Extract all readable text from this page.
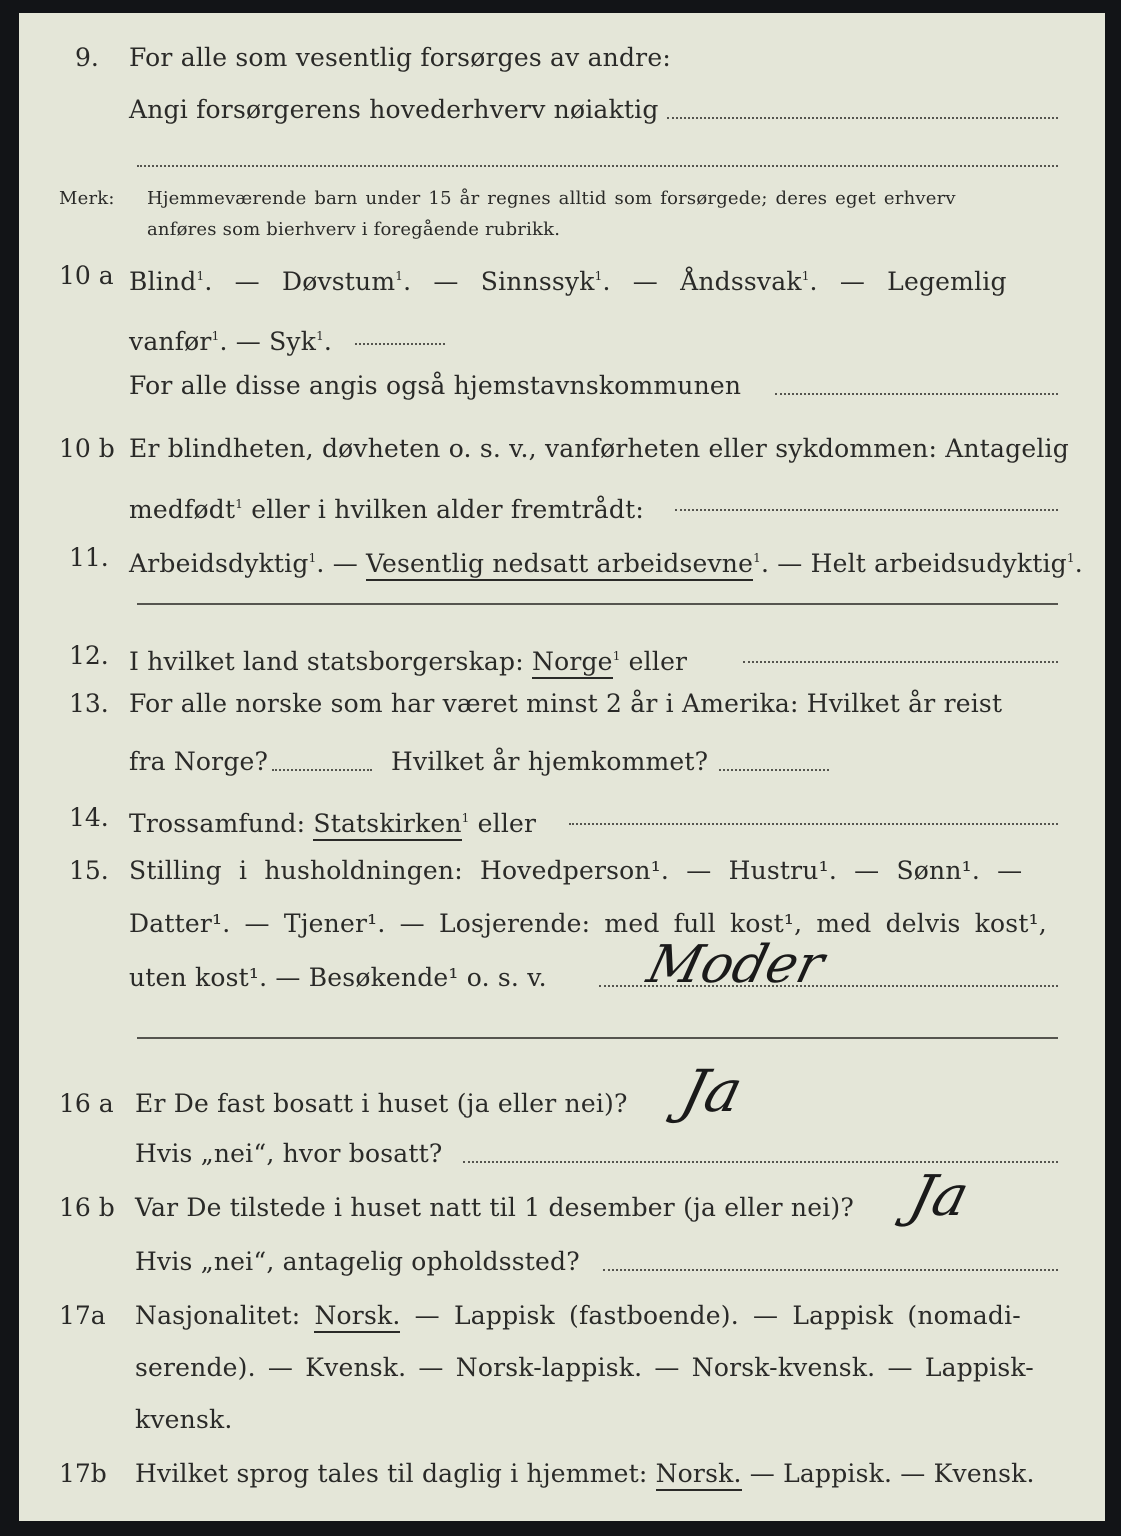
9. For alle som vesentlig forsørges av andre:
Angi forsørgerens hovederhverv nøiaktig
Merk: Hjemmeværende barn under 15 år regnes alltid som forsørgede; deres eget erhverv
anføres som bierhverv i foregående rubrikk.
10 a Blind$^1$. — Døvstum$^1$. — Sinnssyk$^1$. — Åndssvak$^1$. — Legemlig
vanfør$^1$. — Syk$^1$.
For alle disse angis også hjemstavnskommunen
10 b Er blindheten, døvheten o. s. v., vanførheten eller sykdommen: Antagelig
medfødt$^1$ eller i hvilken alder fremtrådt:
11. Arbeidsdyktig$^1$. — Vesentlig nedsatt arbeidsevne$^1$. — Helt arbeidsudyktig$^1$.
12. I hvilket land statsborgerskap: Norge$^1$ eller
13. For alle norske som har været minst 2 år i Amerika: Hvilket år reist
fra Norge?	Hvilket år hjemkommet?
14. Trossamfund: Statskirken$^1$ eller
15. Stilling i husholdningen: Hovedperson¹. — Hustru¹. — Sønn¹. —
Datter¹. — Tjener¹. — Losjerende: med full kost¹, med delvis kost¹,
uten kost¹. — Besøkende¹ o. s. v. Moder
16 a Er De fast bosatt i huset (ja eller nei)? Ja
Hvis „nei“, hvor bosatt?
16 b Var De tilstede i huset natt til 1 desember (ja eller nei)? Ja
Hvis „nei“, antagelig opholdssted?
17a Nasjonalitet: Norsk. — Lappisk (fastboende). — Lappisk (nomadi-
serende). — Kvensk. — Norsk-lappisk. — Norsk-kvensk. — Lappisk-
kvensk.
17b Hvilket sprog tales til daglig i hjemmet: Norsk. — Lappisk. — Kvensk.
